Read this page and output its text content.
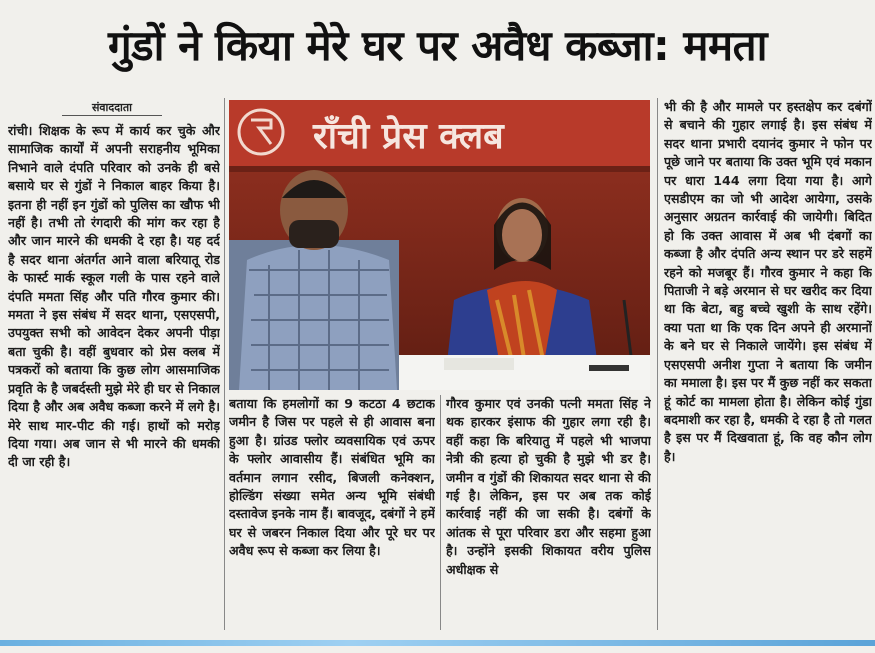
गुंडों ने किया मेरे घर पर अवैध कब्जा: ममता
संवाददाता

रांची। शिक्षक के रूप में कार्य कर चुके और सामाजिक कार्यों में अपनी सराहनीय भूमिका निभाने वाले दंपति परिवार को उनके ही बसे बसाये घर से गुंडों ने निकाल बाहर किया है। इतना ही नहीं इन गुंडों को पुलिस का खौफ भी नहीं है। तभी तो रंगदारी की मांग कर रहा है और जान मारने की धमकी दे रहा है। यह दर्द है सदर थाना अंतर्गत आने वाला बरियातू रोड के फार्स्ट मार्क स्कूल गली के पास रहने वाले दंपति ममता सिंह और पति गौरव कुमार की। ममता ने इस संबंध में सदर थाना, एसएसपी, उपयुक्त सभी को आवेदन देकर अपनी पीड़ा बता चुकी है। वहीं बुधवार को प्रेस क्लब में पत्रकरों को बताया कि कुछ लोग आसमाजिक प्रवृति के है जबर्दस्ती मुझे मेरे ही घर से निकाल दिया है और अब अवैध कब्जा करने में लगे है। मेरे साथ मार-पीट की गई। हाथों को मरोड़ दिया गया। अब जान से भी मारने की धमकी दी जा रही है।

राँची प्रेस क्लब

बताया कि हमलोगों का 9 कटठा 4 छटाक जमीन है जिस पर पहले से ही आवास बना हुआ है। ग्रांउड फ्लोर व्यवसायिक एवं ऊपर के फ्लोर आवासीय हैं। संबंधित भूमि का वर्तमान लगान रसीद, बिजली कनेक्शन, होल्डिंग संख्या समेत अन्य भूमि संबंधी दस्तावेज इनके नाम हैं। बावजूद, दबंगों ने हमें घर से जबरन निकाल दिया और पूरे घर पर अवैध रूप से कब्जा कर लिया है।

गौरव कुमार एवं उनकी पत्नी ममता सिंह ने थक हारकर इंसाफ की गुहार लगा रही है। वहीं कहा कि बरियातु में पहले भी भाजपा नेत्री की हत्या हो चुकी है मुझे भी डर है। जमीन व गुंडों की शिकायत सदर थाना से की गई है। लेकिन, इस पर अब तक कोई कार्रवाई नहीं की जा सकी है। दबंगों के आंतक से पूरा परिवार डरा और सहमा हुआ है। उन्होंने इसकी शिकायत वरीय पुलिस अधीक्षक से

भी की है और मामले पर हस्तक्षेप कर दबंगों से बचाने की गुहार लगाई है। इस संबंध में सदर थाना प्रभारी दयानंद कुमार ने फोन पर पूछे जाने पर बताया कि उक्त भूमि एवं मकान पर धारा 144 लगा दिया गया है। आगे एसडीएम का जो भी आदेश आयेगा, उसके अनुसार अग्रतन कार्रवाई की जायेगी। बिदित हो कि उक्त आवास में अब भी दंबगों का कब्जा है और दंपति अन्य स्थान पर डरे सहमें रहने को मजबूर हैं। गौरव कुमार ने कहा कि पिताजी ने बड़े अरमान से घर खरीद कर दिया था कि बेटा, बहु बच्चे खुशी के साथ रहेंगे। क्या पता था कि एक दिन अपने ही अरमानों के बने घर से निकाले जायेंगे। इस संबंध में एसएसपी अनीश गुप्ता ने बताया कि जमीन का ममाला है। इस पर मैं कुछ नहीं कर सकता हूं कोर्ट का मामला होता है। लेकिन कोई गुंडा बदमाशी कर रहा है, धमकी दे रहा है तो गलत है इस पर मैं दिखवाता हूं, कि वह कौन लोग है।
